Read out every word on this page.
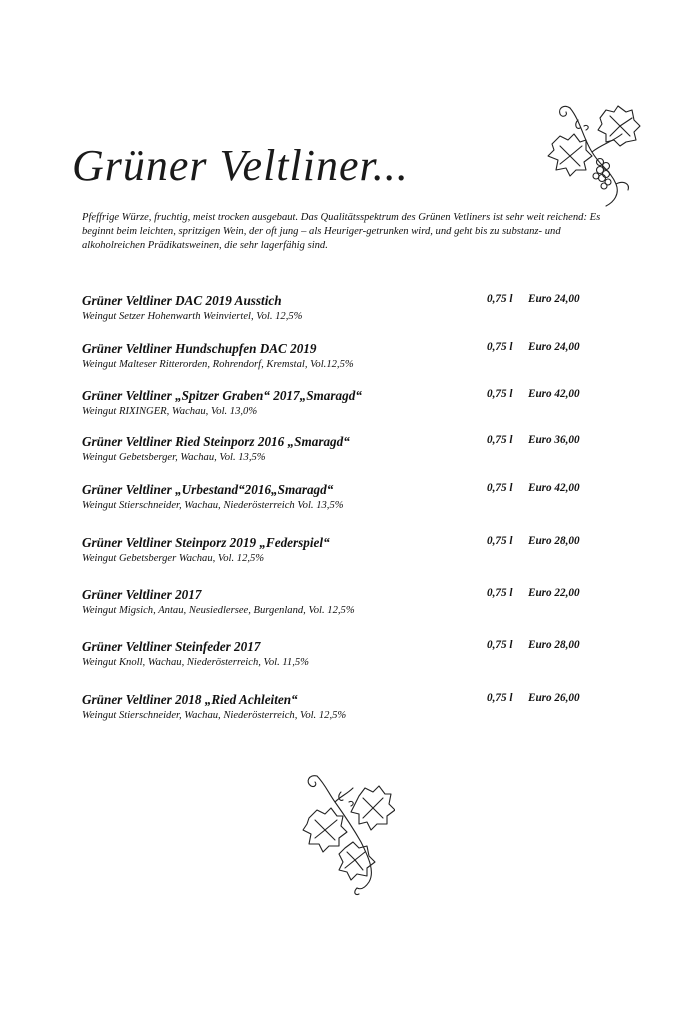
Grüner Veltliner...

Pfeffrige Würze, fruchtig, meist trocken ausgebaut. Das Qualitätsspektrum des Grünen Vetliners ist sehr weit reichend: Es beginnt beim leichten, spritzigen Wein, der oft jung – als Heuriger-getrunken wird, und geht bis zu substanz- und alkoholreichen Prädikatsweinen, die sehr lagerfähig sind.

Grüner Veltliner DAC 2019 Ausstich
Weingut Setzer Hohenwarth Weinviertel, Vol. 12,5%
0,75 l Euro 24,00
Grüner Veltliner Hundschupfen DAC 2019
Weingut Malteser Ritterorden, Rohrendorf, Kremstal, Vol.12,5%
0,75 l Euro 24,00
Grüner Veltliner „Spitzer Graben“ 2017„Smaragd“
Weingut RIXINGER, Wachau, Vol. 13,0%
0,75 l Euro 42,00
Grüner Veltliner Ried Steinporz 2016 „Smaragd“
Weingut Gebetsberger, Wachau, Vol. 13,5%
0,75 l Euro 36,00
Grüner Veltliner „Urbestand“2016„Smaragd“
Weingut Stierschneider, Wachau, Niederösterreich Vol. 13,5%
0,75 l Euro 42,00
Grüner Veltliner Steinporz 2019 „Federspiel“
Weingut Gebetsberger Wachau, Vol. 12,5%
0,75 l Euro 28,00
Grüner Veltliner 2017
Weingut Migsich, Antau, Neusiedlersee, Burgenland, Vol. 12,5%
0,75 l Euro 22,00
Grüner Veltliner Steinfeder 2017
Weingut Knoll, Wachau, Niederösterreich, Vol. 11,5%
0,75 l Euro 28,00
Grüner Veltliner 2018 „Ried Achleiten“
Weingut Stierschneider, Wachau, Niederösterreich, Vol. 12,5%
0,75 l Euro 26,00
